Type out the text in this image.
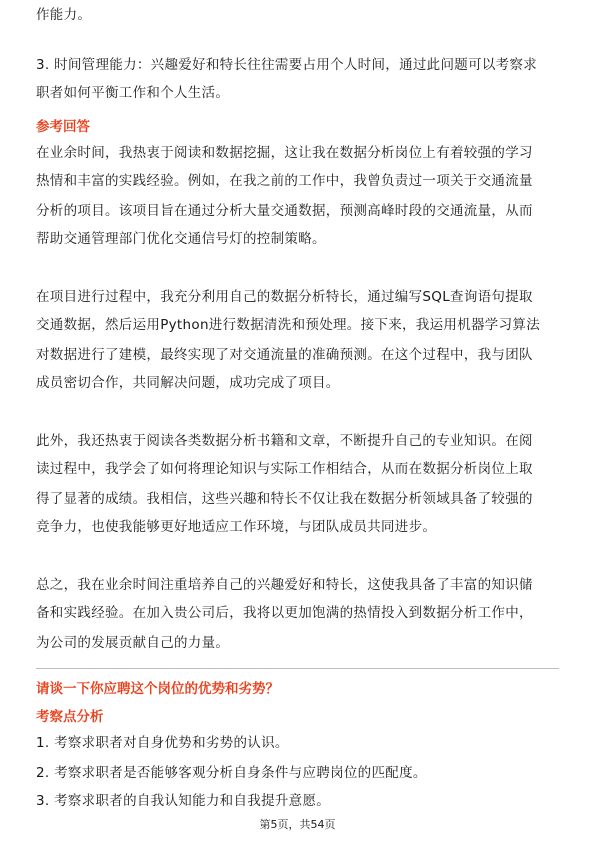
作能力。

3. 时间管理能力：兴趣爱好和特长往往需要占用个人时间，通过此问题可以考察求

职者如何平衡工作和个人生活。

参考回答

在业余时间，我热衷于阅读和数据挖掘，这让我在数据分析岗位上有着较强的学习

热情和丰富的实践经验。例如，在我之前的工作中，我曾负责过一项关于交通流量

分析的项目。该项目旨在通过分析大量交通数据，预测高峰时段的交通流量，从而

帮助交通管理部门优化交通信号灯的控制策略。

在项目进行过程中，我充分利用自己的数据分析特长，通过编写SQL查询语句提取

交通数据，然后运用Python进行数据清洗和预处理。接下来，我运用机器学习算法

对数据进行了建模，最终实现了对交通流量的准确预测。在这个过程中，我与团队

成员密切合作，共同解决问题，成功完成了项目。

此外，我还热衷于阅读各类数据分析书籍和文章，不断提升自己的专业知识。在阅

读过程中，我学会了如何将理论知识与实际工作相结合，从而在数据分析岗位上取

得了显著的成绩。我相信，这些兴趣和特长不仅让我在数据分析领域具备了较强的

竞争力，也使我能够更好地适应工作环境，与团队成员共同进步。

总之，我在业余时间注重培养自己的兴趣爱好和特长，这使我具备了丰富的知识储

备和实践经验。在加入贵公司后，我将以更加饱满的热情投入到数据分析工作中，

为公司的发展贡献自己的力量。

请谈一下你应聘这个岗位的优势和劣势？

考察点分析

1. 考察求职者对自身优势和劣势的认识。

2. 考察求职者是否能够客观分析自身条件与应聘岗位的匹配度。

3. 考察求职者的自我认知能力和自我提升意愿。

第5页，共54页
